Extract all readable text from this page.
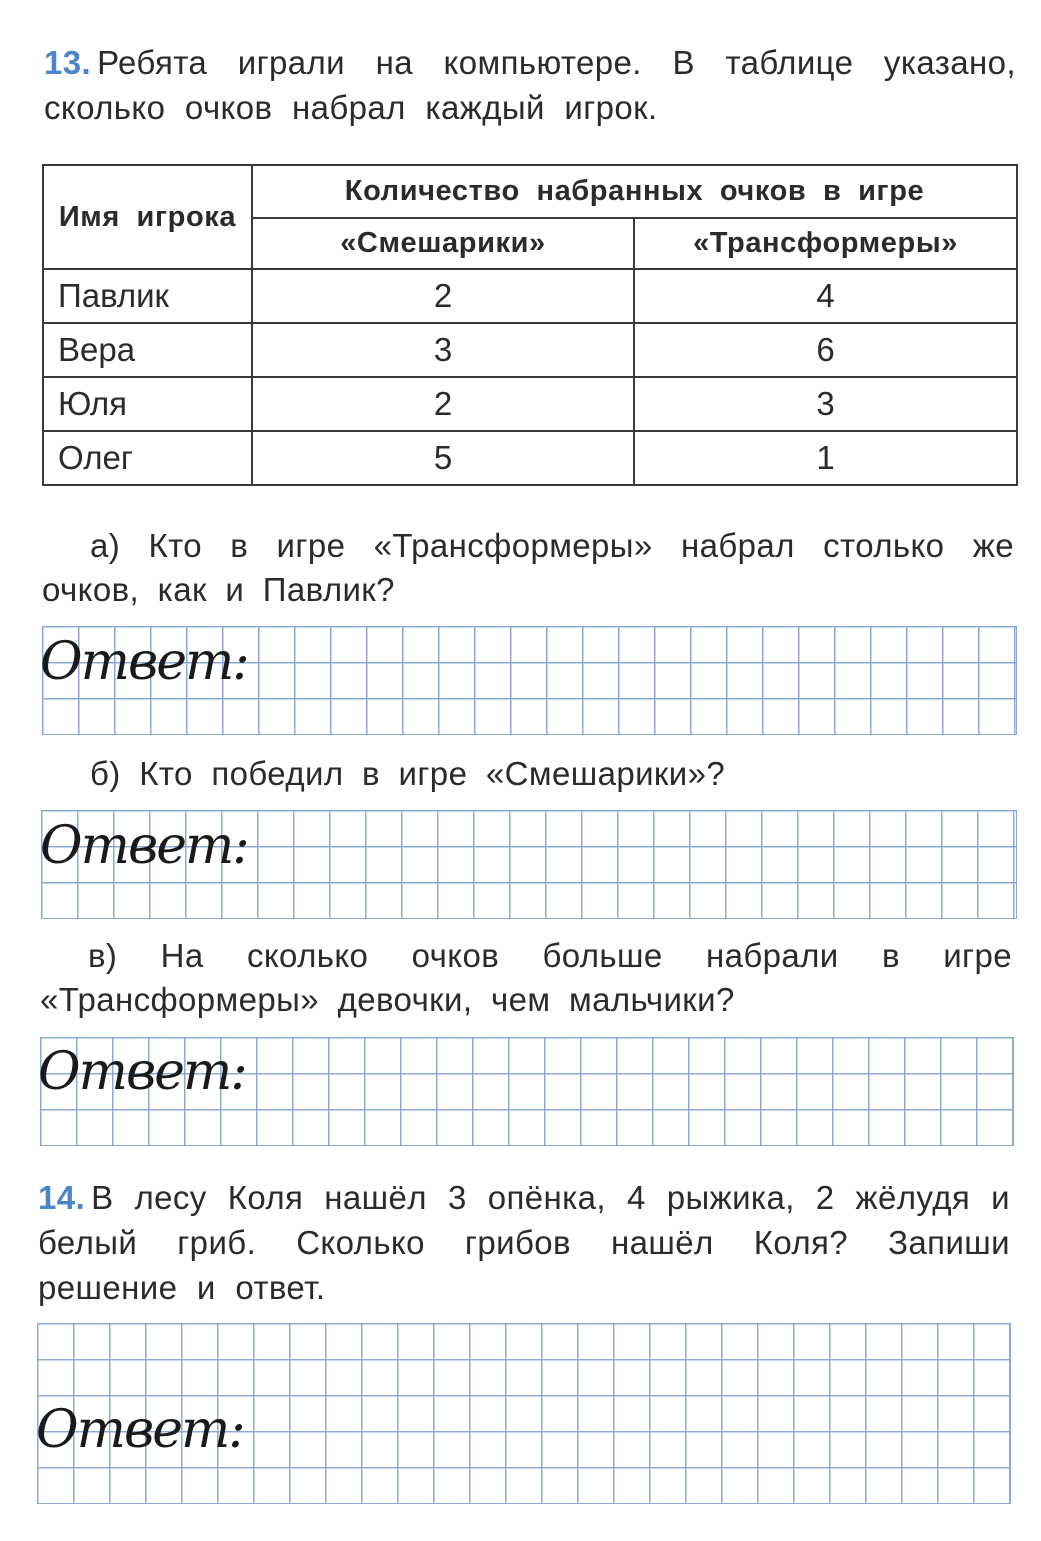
13. Ребята играли на компьютере. В таблице указано, сколько очков набрал каждый игрок.

Имя игрока	Количество набранных очков в игре	
	«Смешарики»	«Трансформеры»
Павлик	2	4
Вера	3	6
Юля	2	3
Олег	5	1

а) Кто в игре «Трансформеры» набрал столько же очков, как и Павлик?

Ответ:

б) Кто победил в игре «Смешарики»?

Ответ:

в) На сколько очков больше набрали в игре «Трансформеры» девочки, чем мальчики?

Ответ:

14. В лесу Коля нашёл 3 опёнка, 4 рыжика, 2 жёлудя и белый гриб. Сколько грибов нашёл Коля? Запиши решение и ответ.

Ответ:
